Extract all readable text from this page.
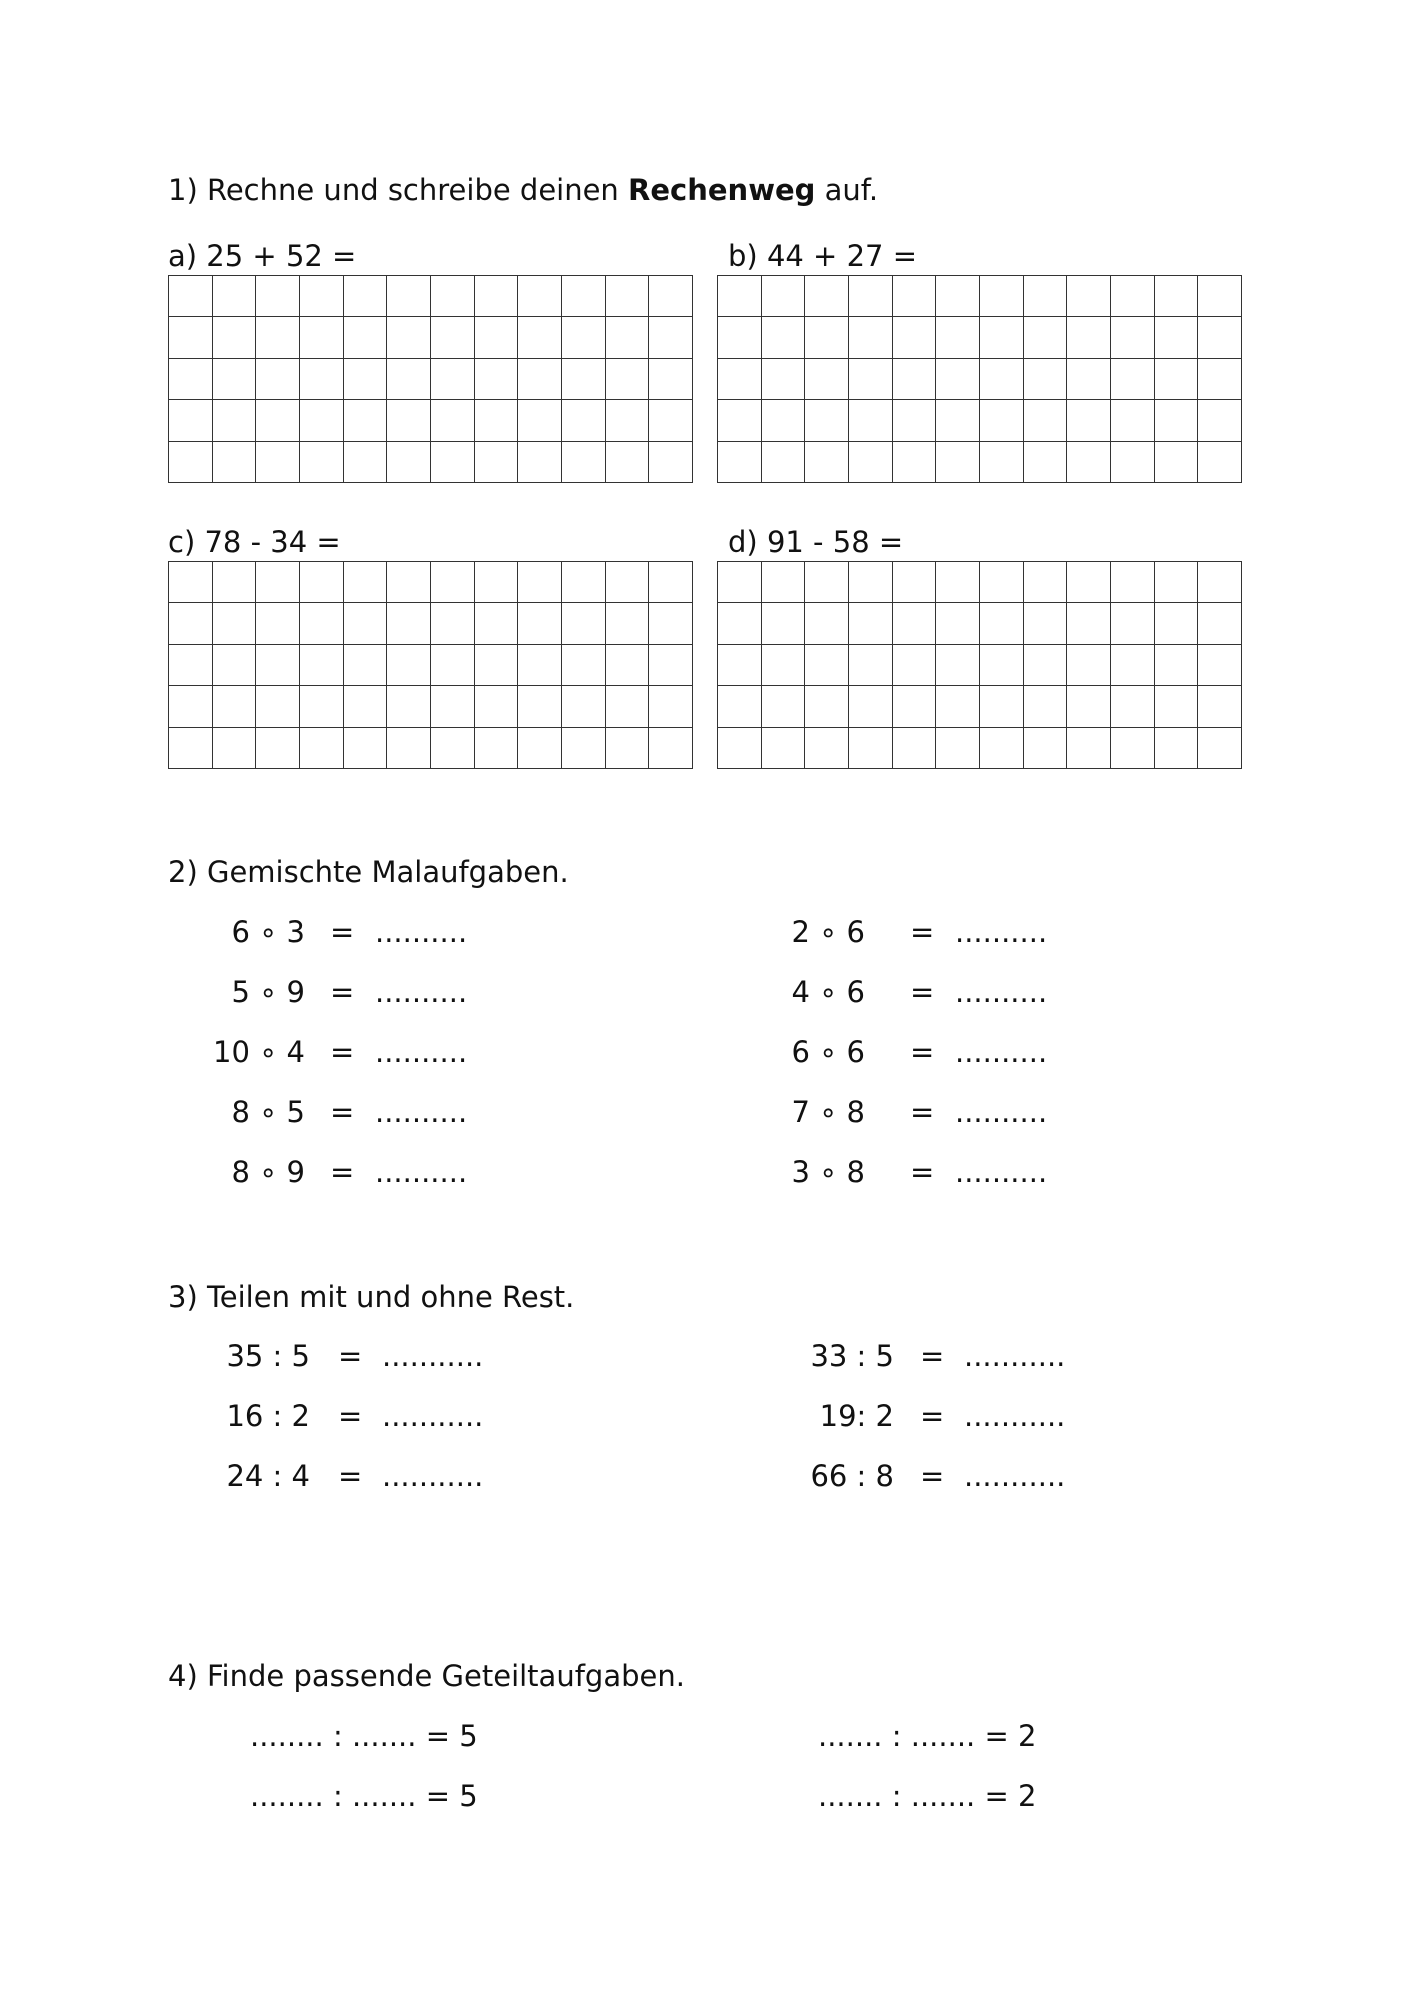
1) Rechne und schreibe deinen Rechenweg auf.
a) 25 + 52 =	b) 44 + 27 =
c) 78 - 34 =	d) 91 - 58 =
2) Gemischte Malaufgaben.
6 ∘ 3 = ..........
5 ∘ 9 = ..........
10 ∘ 4 = ..........
8 ∘ 5 = ..........
8 ∘ 9 = ..........
2 ∘ 6 = ..........
4 ∘ 6 = ..........
6 ∘ 6 = ..........
7 ∘ 8 = ..........
3 ∘ 8 = ..........
3) Teilen mit und ohne Rest.
35 : 5 = ...........
16 : 2 = ...........
24 : 4 = ...........
33 : 5 = ...........
19: 2 = ...........
66 : 8 = ...........
4) Finde passende Geteiltaufgaben.
........ : ....... = 5
........ : ....... = 5
....... : ....... = 2
....... : ....... = 2
